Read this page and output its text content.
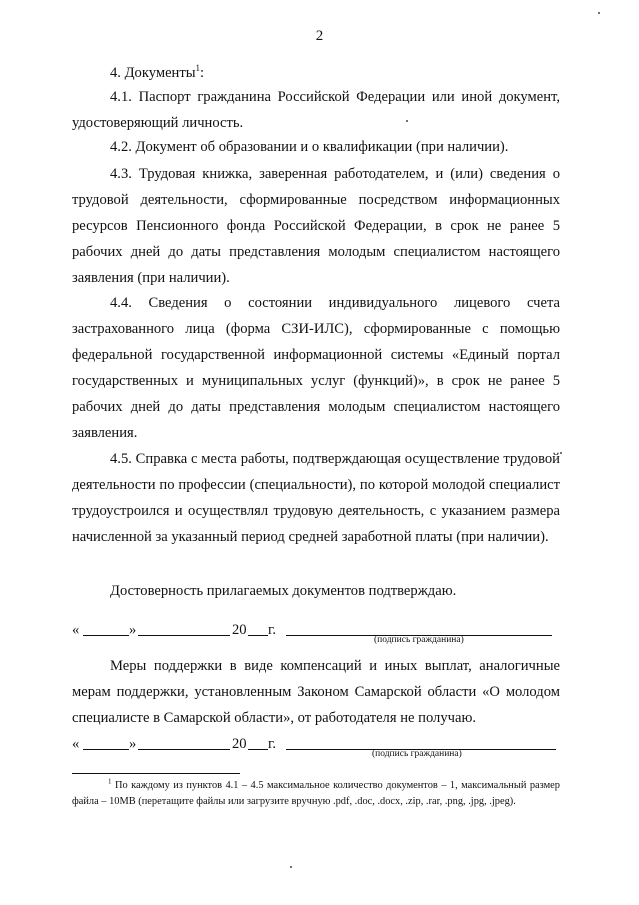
2
4. Документы$^1$:
4.1. Паспорт гражданина Российской Федерации или иной документ, удостоверяющий личность.
4.2. Документ об образовании и о квалификации (при наличии).
4.3. Трудовая книжка, заверенная работодателем, и (или) сведения о трудовой деятельности, сформированные посредством информационных ресурсов Пенсионного фонда Российской Федерации, в срок не ранее 5 рабочих дней до даты представления молодым специалистом настоящего заявления (при наличии).
4.4. Сведения о состоянии индивидуального лицевого счета застрахованного лица (форма СЗИ-ИЛС), сформированные с помощью федеральной государственной информационной системы «Единый портал государственных и муниципальных услуг (функций)», в срок не ранее 5 рабочих дней до даты представления молодым специалистом настоящего заявления.
4.5. Справка с места работы, подтверждающая осуществление трудовой деятельности по профессии (специальности), по которой молодой специалист трудоустроился и осуществлял трудовую деятельность, с указанием размера начисленной за указанный период средней заработной платы (при наличии).
Достоверность прилагаемых документов подтверждаю.
«	»	20 г.
(подпись гражданина)
Меры поддержки в виде компенсаций и иных выплат, аналогичные мерам поддержки, установленным Законом Самарской области «О молодом специалисте в Самарской области», от работодателя не получаю.
«	»	20 г.
(подпись гражданина)
$^1$ По каждому из пунктов 4.1 – 4.5 максимальное количество документов – 1, максимальный размер файла – 10MB (перетащите файлы или загрузите вручную .pdf, .doc, .docx, .zip, .rar, .png, .jpg, .jpeg).
